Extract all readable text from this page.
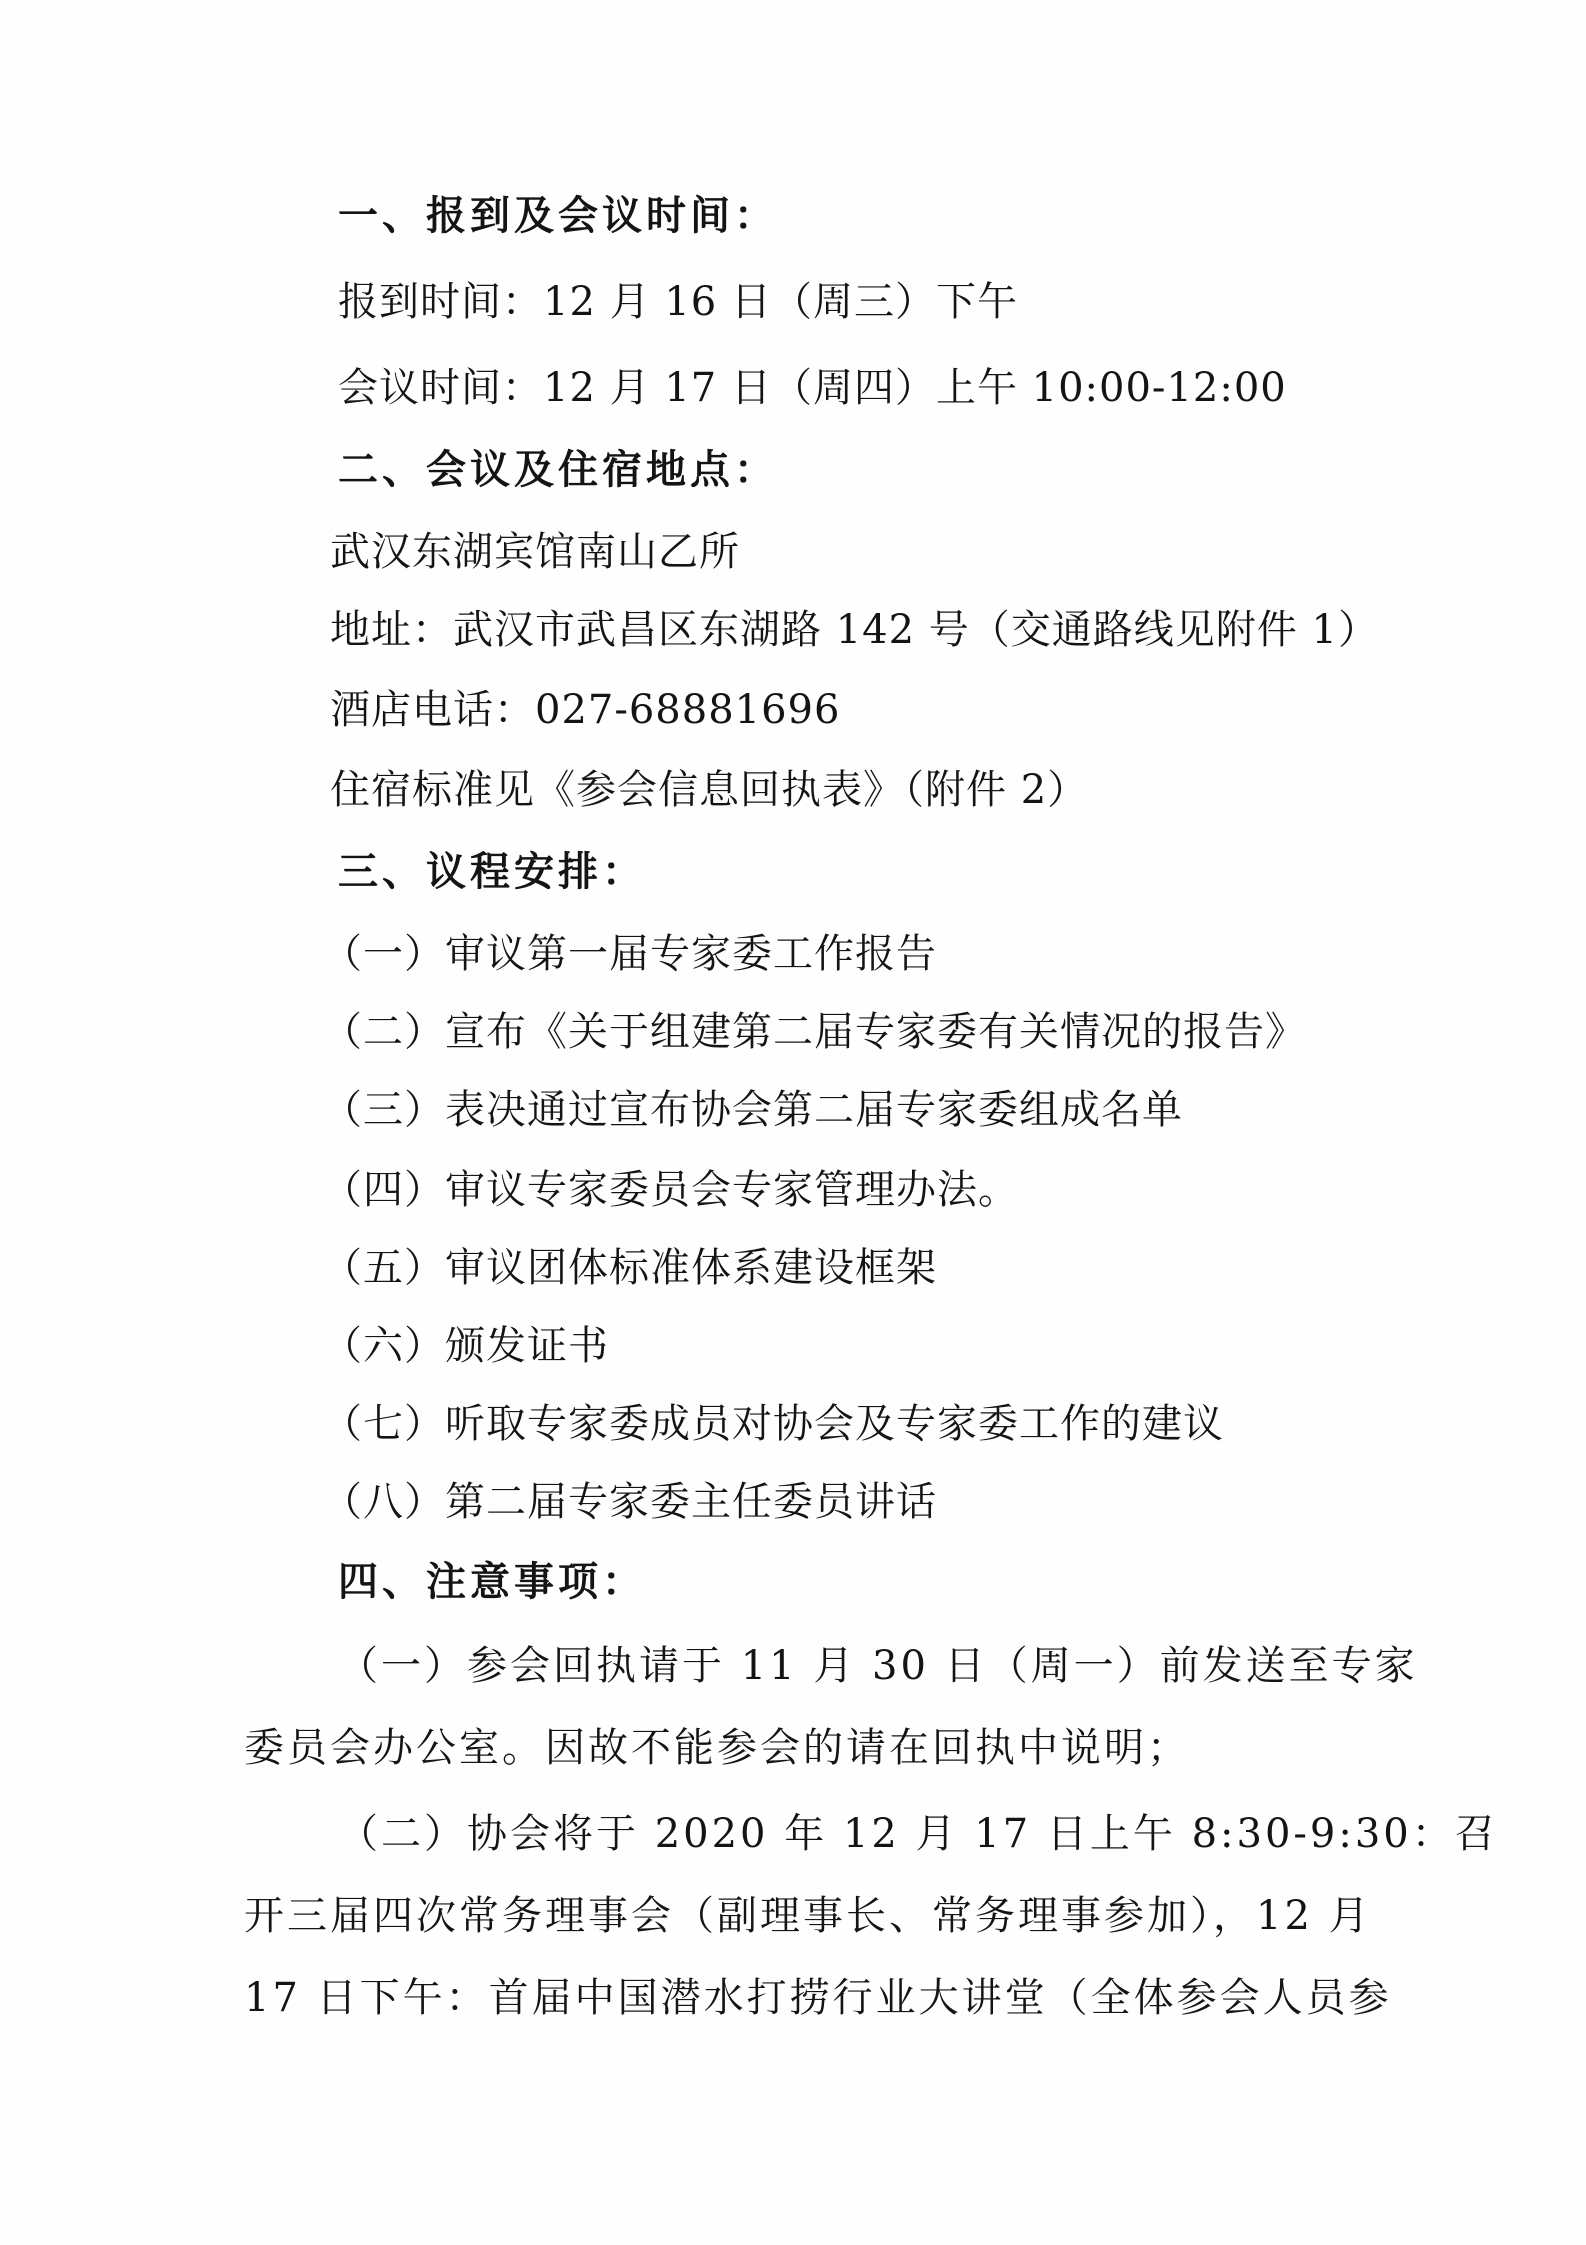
一、报到及会议时间：
报到时间：12 月 16 日（周三）下午
会议时间：12 月 17 日（周四）上午 10:00-12:00
二、会议及住宿地点：
武汉东湖宾馆南山乙所
地址：武汉市武昌区东湖路 142 号（交通路线见附件 1）
酒店电话：027-68881696
住宿标准见《参会信息回执表》（附件 2）
三、议程安排：
（一）审议第一届专家委工作报告
（二）宣布《关于组建第二届专家委有关情况的报告》
（三）表决通过宣布协会第二届专家委组成名单
（四）审议专家委员会专家管理办法。
（五）审议团体标准体系建设框架
（六）颁发证书
（七）听取专家委成员对协会及专家委工作的建议
（八）第二届专家委主任委员讲话
四、注意事项：
（一）参会回执请于 11 月 30 日（周一）前发送至专家
委员会办公室。因故不能参会的请在回执中说明；
（二）协会将于 2020 年 12 月 17 日上午 8:30-9:30：召
开三届四次常务理事会（副理事长、常务理事参加），12 月
17 日下午：首届中国潜水打捞行业大讲堂（全体参会人员参
